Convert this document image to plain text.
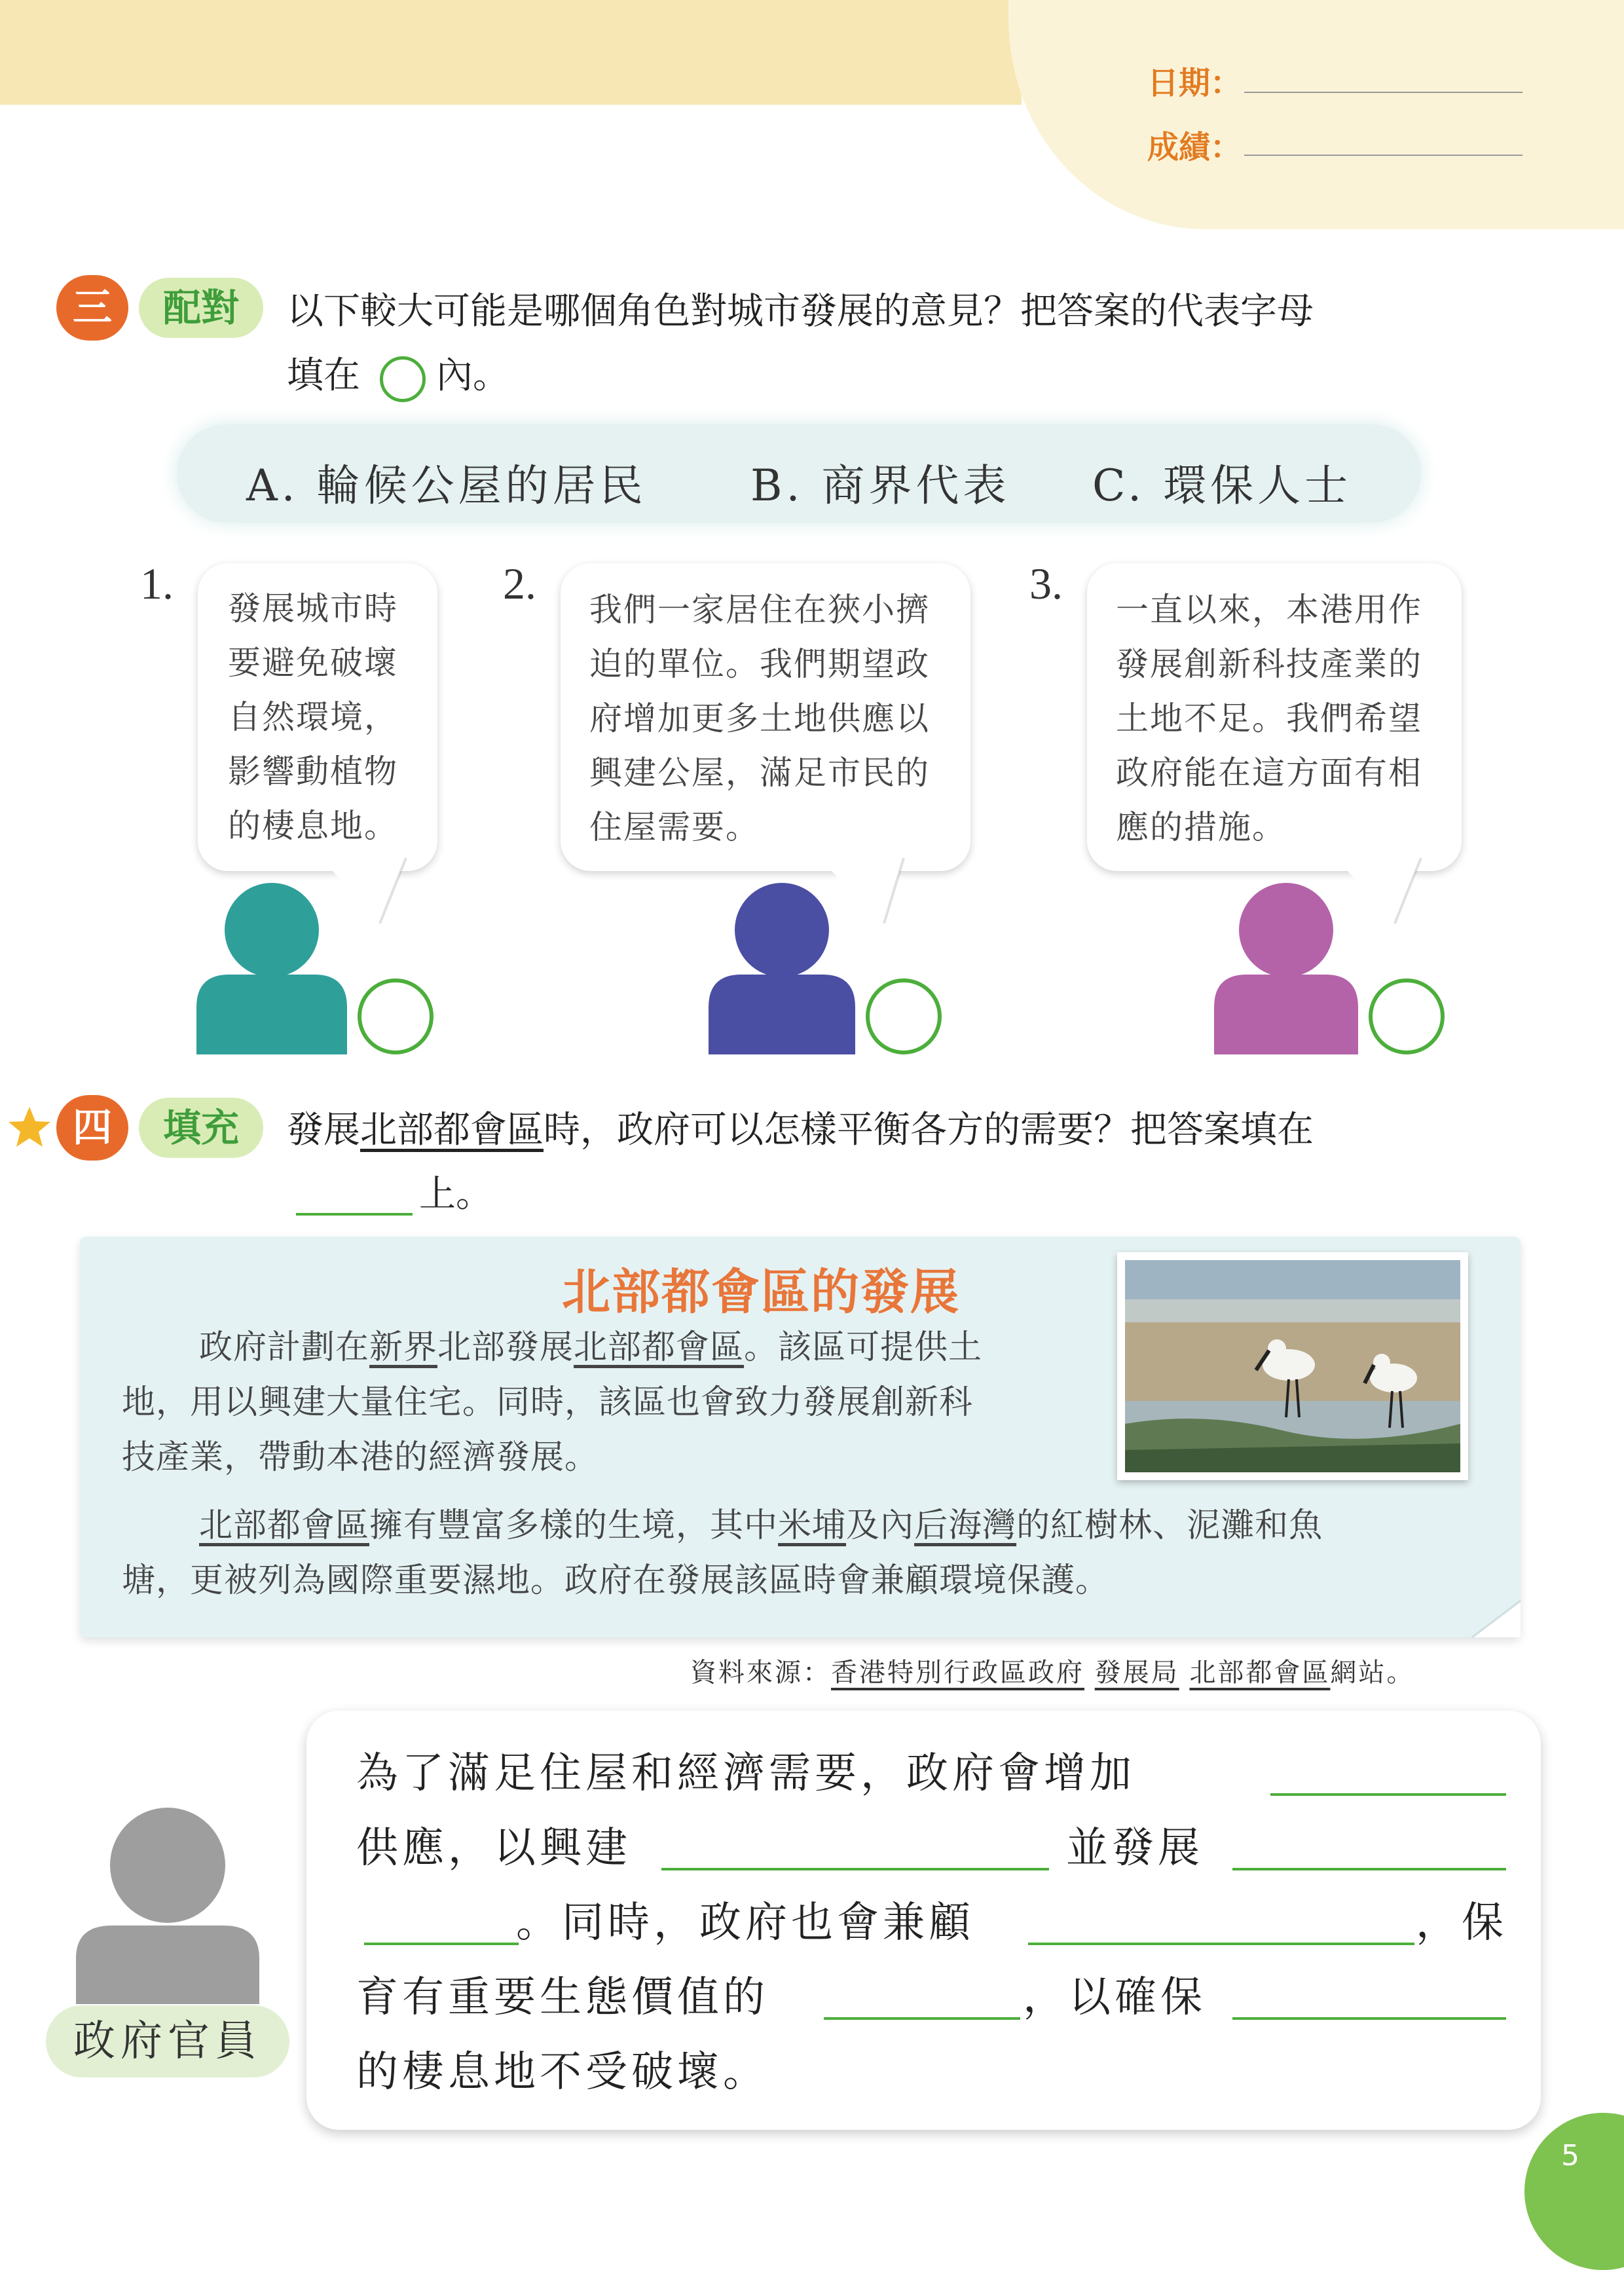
日期：
成績：
三	配對	以下較大可能是哪個角色對城市發展的意見？把答案的代表字母
填在 內。
A. 輪候公屋的居民 B. 商界代表 C. 環保人士
1. 發展城市時
要避免破壞
自然環境，
影響動植物
的棲息地。
2.
我們一家居住在狹小擠
迫的單位。我們期望政
府增加更多土地供應以
興建公屋，滿足市民的
住屋需要。
3.
一直以來，本港用作
發展創新科技產業的
土地不足。我們希望
政府能在這方面有相
應的措施。
四	填充	發展北部都會區時，政府可以怎樣平衡各方的需要？把答案填在
上。
北部都會區的發展
政府計劃在新界北部發展北部都會區。該區可提供土
地，用以興建大量住宅。同時，該區也會致力發展創新科
技產業，帶動本港的經濟發展。
北部都會區擁有豐富多樣的生境，其中米埔及內后海灣的紅樹林、泥灘和魚
塘，更被列為國際重要濕地。政府在發展該區時會兼顧環境保護。
資料來源：香港特別行政區政府 發展局 北部都會區網站。
政府官員
為了滿足住屋和經濟需要，政府會增加
供應，以興建	並發展
。同時，政府也會兼顧	，保
育有重要生態價值的	，以確保
的棲息地不受破壞。
5
